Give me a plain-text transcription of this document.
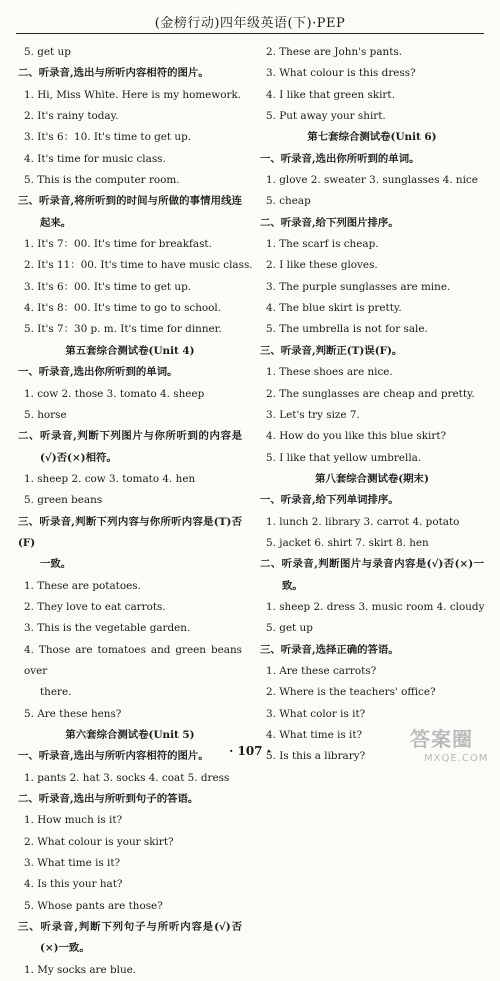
(金榜行动)四年级英语(下)·PEP
5. get up
二、听录音,选出与所听内容相符的图片。
1. Hi, Miss White. Here is my homework.
2. It's rainy today.
3. It's 6：10. It's time to get up.
4. It's time for music class.
5. This is the computer room.
三、听录音,将所听到的时间与所做的事情用线连
起来。
1. It's 7：00. It's time for breakfast.
2. It's 11：00. It's time to have music class.
3. It's 6：00. It's time to get up.
4. It's 8：00. It's time to go to school.
5. It's 7：30 p. m. It's time for dinner.
第五套综合测试卷(Unit 4)
一、听录音,选出你所听到的单词。
1. cow 2. those 3. tomato 4. sheep
5. horse
二、听录音,判断下列图片与你所听到的内容是
(√)否(×)相符。
1. sheep 2. cow 3. tomato 4. hen
5. green beans
三、听录音,判断下列内容与你所听内容是(T)否(F)
一致。
1. These are potatoes.
2. They love to eat carrots.
3. This is the vegetable garden.
4. Those are tomatoes and green beans over
there.
5. Are these hens?
第六套综合测试卷(Unit 5)
一、听录音,选出与所听内容相符的图片。
1. pants 2. hat 3. socks 4. coat 5. dress
二、听录音,选出与所听到句子的答语。
1. How much is it?
2. What colour is your skirt?
3. What time is it?
4. Is this your hat?
5. Whose pants are those?
三、听录音,判断下列句子与所听内容是(√)否
(×)一致。
1. My socks are blue.
2. These are John's pants.
3. What colour is this dress?
4. I like that green skirt.
5. Put away your shirt.
第七套综合测试卷(Unit 6)
一、听录音,选出你所听到的单词。
1. glove 2. sweater 3. sunglasses 4. nice
5. cheap
二、听录音,给下列图片排序。
1. The scarf is cheap.
2. I like these gloves.
3. The purple sunglasses are mine.
4. The blue skirt is pretty.
5. The umbrella is not for sale.
三、听录音,判断正(T)误(F)。
1. These shoes are nice.
2. The sunglasses are cheap and pretty.
3. Let's try size 7.
4. How do you like this blue skirt?
5. I like that yellow umbrella.
第八套综合测试卷(期末)
一、听录音,给下列单词排序。
1. lunch 2. library 3. carrot 4. potato
5. jacket 6. shirt 7. skirt 8. hen
二、听录音,判断图片与录音内容是(√)否(×)一
致。
1. sheep 2. dress 3. music room 4. cloudy
5. get up
三、听录音,选择正确的答语。
1. Are these carrots?
2. Where is the teachers' office?
3. What color is it?
4. What time is it?
5. Is this a library?
· 107 ·	答案圈
MXQE.COM
